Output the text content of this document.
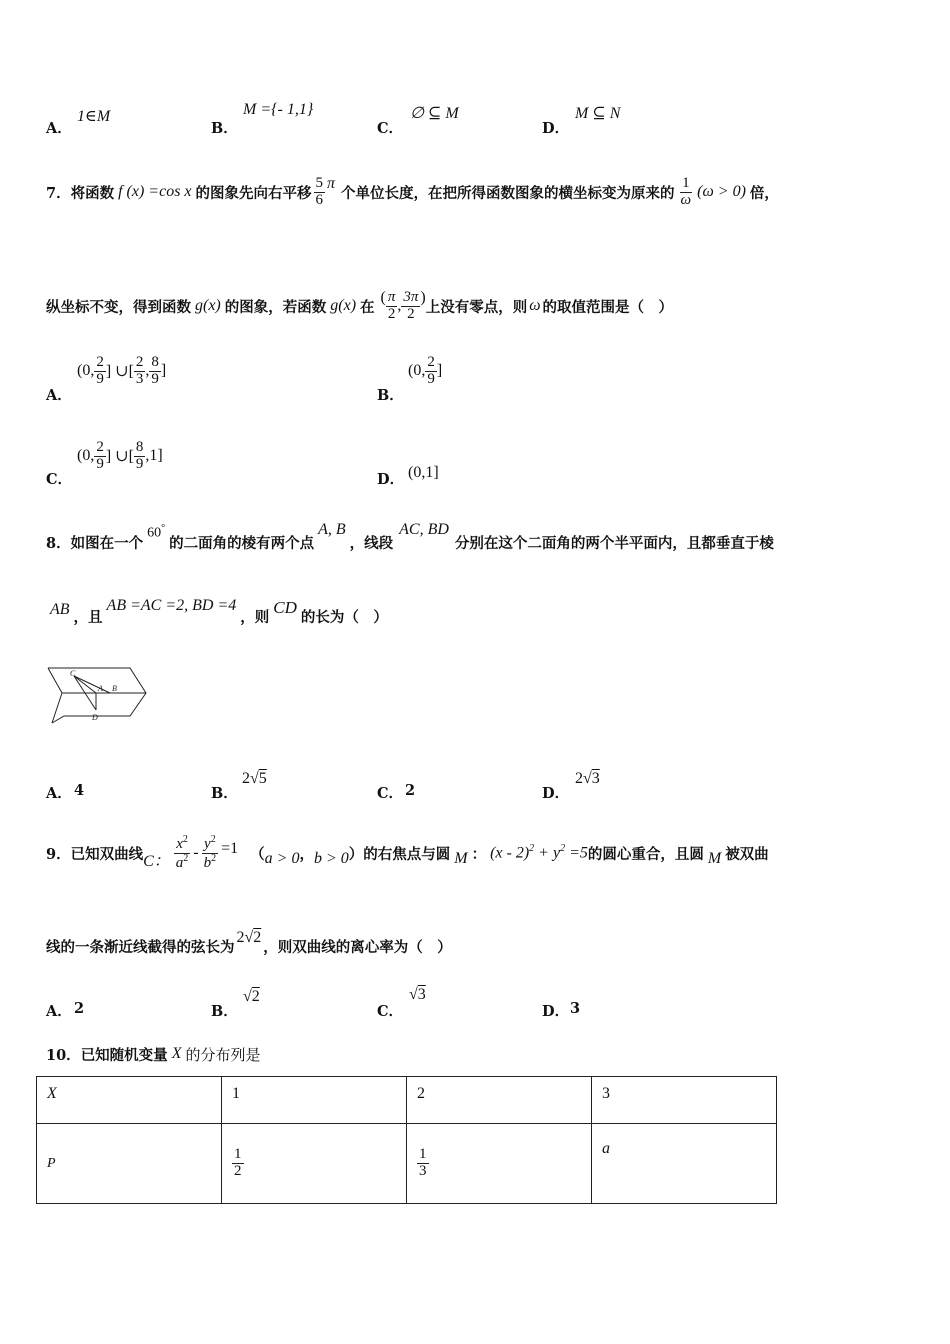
A．
1∈M
B．
M ={- 1,1}
C．
∅ ⊆ M
D．
M ⊆ N
7． 将函数 f (x) =cos x 的图象先向右平移 $\frac{5}{6}$ π
个单位长度，在把所得函数图象的横坐标变为原来的 $\frac{1}{\omega} (\omega > 0)$ 倍，
纵坐标不变，得到函数 g(x) 的图象，若函数 g(x) 在
( $\frac{\pi}{2}$ , $\frac{3\pi}{2}$ )
上没有零点，则 ω 的取值范围是（　）
A．
(0, $\frac{2}{9}$ ] ∪[ $\frac{2}{3}$ , $\frac{8}{9}$ ]
B．
(0, $\frac{2}{9}$ ]
C．
(0, $\frac{2}{9}$ ] ∪[ $\frac{8}{9} ,1$]
D． (0,1]
8． 如图在一个
60°
的二面角的棱有两个点
A, B
，线段
AC, BD
分别在这个二面角的两个半平面内，且都垂直于棱
AB ，且
AB =AC =2, BD =4
，则 CD 的长为（　）
C
A B
D
A． 4	B．
2√5
C． 2	D．
2√3
9． 已知双曲线 C： $\frac{x^2}{a^2} - \frac{y^2}{b^2} =1$ （ a > 0 ， b > 0 ） 的右焦点与圆 M ： $(x - 2)^2 + y^2 =5$ 的圆心重合，且圆 M 被双曲
线的一条渐近线截得的弦长为
2√2
，则双曲线的离心率为（　）
A． 2	B．
√2
C．
√3
D． 3
10． 已知随机变量 X 的分布列是
X	1	2	3
P	$\frac{1}{2}$	$\frac{1}{3}$	a
